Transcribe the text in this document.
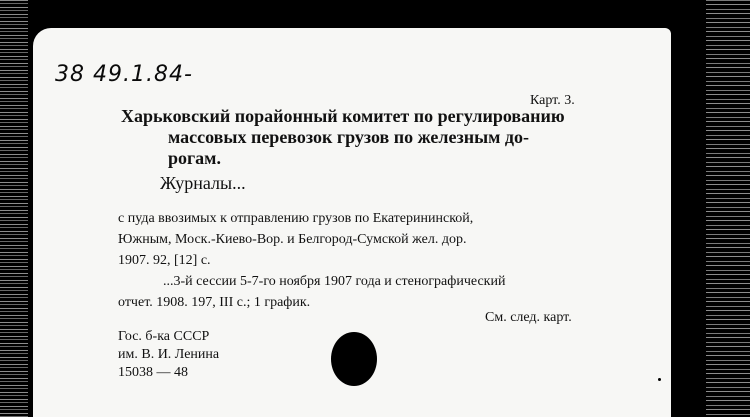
38 49.1.84-
Карт. 3.
Харьковский порайонный комитет по регулированию
массовых перевозок грузов по железным до-
рогам.
Журналы...
с пуда ввозимых к отправлению грузов по Екатерининской,
Южным, Моск.-Киево-Вор. и Белгород-Сумской жел. дор.
1907. 92, [12] с.
...3-й сессии 5-7-го ноября 1907 года и стенографический
отчет. 1908. 197, III с.; 1 график.
См. след. карт.
Гос. б-ка СССР
им. В. И. Ленина
15038 — 48
